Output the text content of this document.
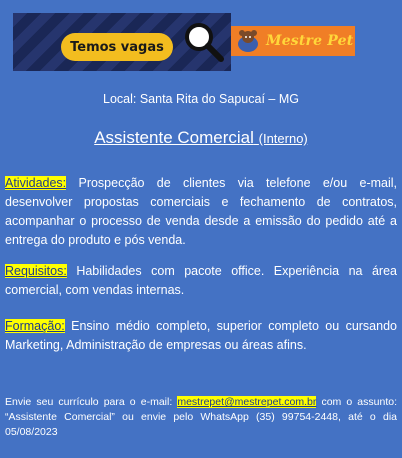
Temos vagas	Mestre Pet
Local: Santa Rita do Sapucaí – MG
Assistente Comercial (Interno)
Atividades: Prospecção de clientes via telefone e/ou e-mail, desenvolver propostas comerciais e fechamento de contratos, acompanhar o processo de venda desde a emissão do pedido até a entrega do produto e pós venda.
Requisitos: Habilidades com pacote office. Experiência na área comercial, com vendas internas.
Formação: Ensino médio completo, superior completo ou cursando Marketing, Administração de empresas ou áreas afins.
Envie seu currículo para o e-mail: mestrepet@mestrepet.com.br com o assunto: “Assistente Comercial” ou envie pelo WhatsApp (35) 99754-2448, até o dia 05/08/2023
